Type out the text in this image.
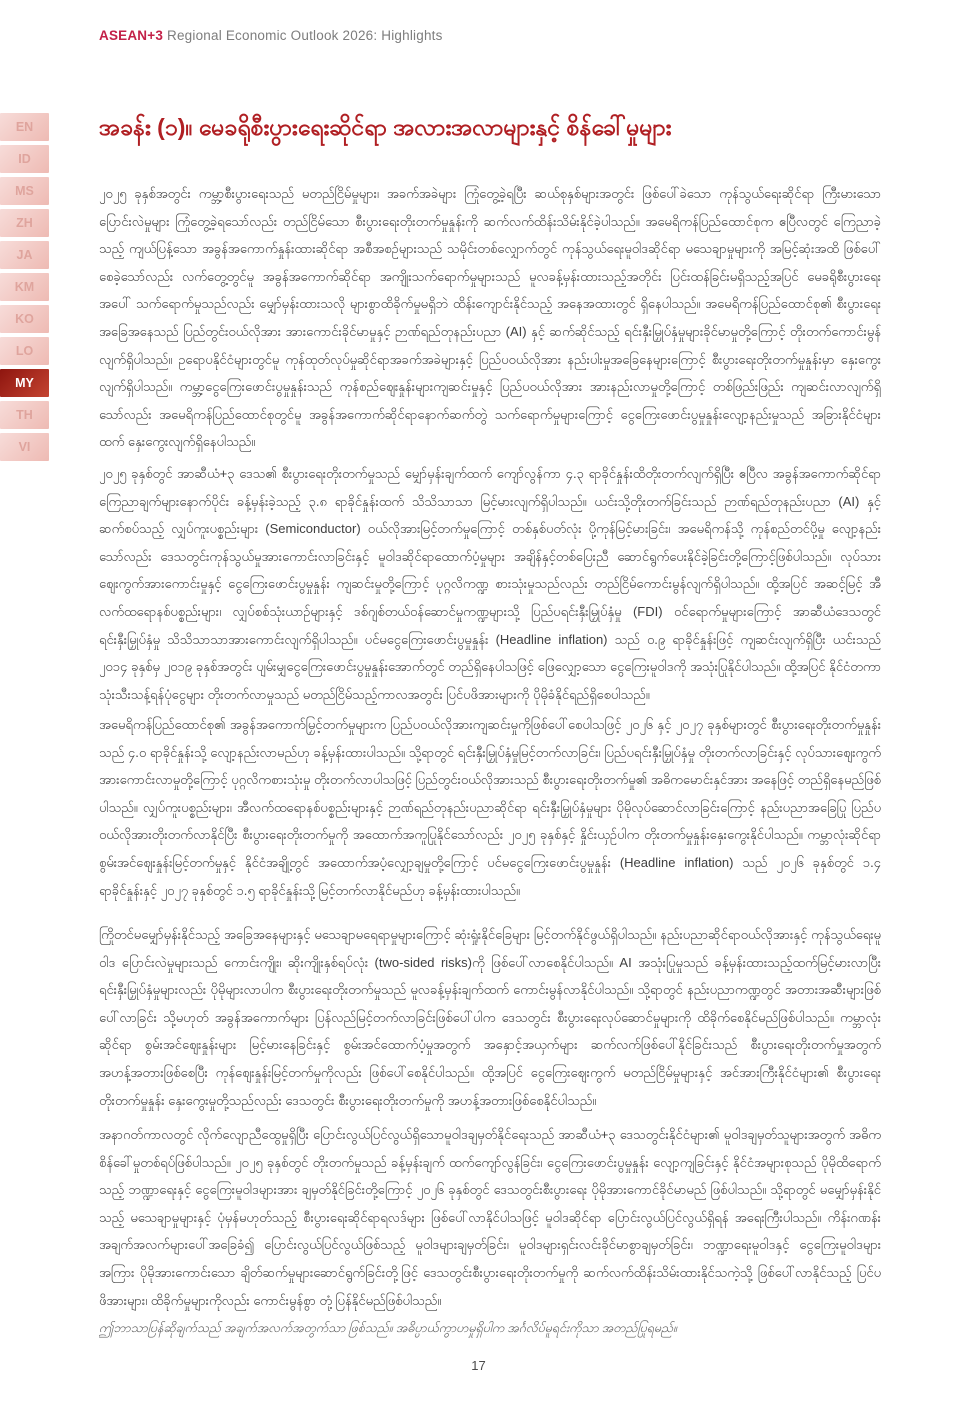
ASEAN+3 Regional Economic Outlook 2026: Highlights
EN
ID
MS
ZH
JA
KM
KO
LO
MY
TH
VI
အခန်း (၁)။ မေခရိုစီးပွားရေးဆိုင်ရာ အလားအလာများနှင့် စိန်ခေါ်မှုများ

၂၀၂၅ ခုနှစ်အတွင်း ကမ္ဘာ့စီးပွားရေးသည် မတည်ငြိမ်မှုများ၊ အခက်အခဲများ ကြုံတွေ့ခဲ့ရပြီး ဆယ်စုနှစ်များအတွင်း ဖြစ်ပေါ်ခဲသော ကုန်သွယ်ရေးဆိုင်ရာ ကြီးမားသော ပြောင်းလဲမှုများ ကြုံတွေ့ခဲ့ရသော်လည်း တည်ငြိမ်သော စီးပွားရေးတိုးတက်မှုနှုန်းကို ဆက်လက်ထိန်းသိမ်းနိုင်ခဲ့ပါသည်။ အမေရိကန်ပြည်ထောင်စုက ဧပြီလတွင် ကြေညာခဲ့သည့် ကျယ်ပြန့်သော အခွန်အကောက်နှုန်းထားဆိုင်ရာ အစီအစဉ်များသည် သမိုင်းတစ်လျှောက်တွင် ကုန်သွယ်ရေးမူဝါဒဆိုင်ရာ မသေချာမှုများကို အမြင့်ဆုံးအထိ ဖြစ်ပေါ်စေခဲ့သော်လည်း လက်တွေ့တွင်မူ အခွန်အကောက်ဆိုင်ရာ အကျိုးသက်ရောက်မှုများသည် မူလခန့်မှန်းထားသည့်အတိုင်း ပြင်းထန်ခြင်းမရှိသည့်အပြင် မေခရိုစီးပွားရေးအပေါ် သက်ရောက်မှုသည်လည်း မျှော်မှန်းထားသလို များစွာထိခိုက်မှုမရှိဘဲ ထိန်းကျောင်းနိုင်သည့် အနေအထားတွင် ရှိနေပါသည်။ အမေရိကန်ပြည်ထောင်စု၏ စီးပွားရေးအခြေအနေသည် ပြည်တွင်းဝယ်လိုအား အားကောင်းခိုင်မာမှုနှင့် ဉာဏ်ရည်တုနည်းပညာ (AI) နှင့် ဆက်ဆိုင်သည့် ရင်းနှီးမြှုပ်နှံမှုများခိုင်မာမှုတို့ကြောင့် တိုးတက်ကောင်းမွန်လျက်ရှိပါသည်။ ဥရောပနိုင်ငံများတွင်မူ ကုန်ထုတ်လုပ်မှုဆိုင်ရာအခက်အခဲများနှင့် ပြည်ပဝယ်လိုအား နည်းပါးမှုအခြေနေများကြောင့် စီးပွားရေးတိုးတက်မှုနှုန်းမှာ နှေးကွေးလျက်ရှိပါသည်။ ကမ္ဘာ့ငွေကြေးဖောင်းပွမှုနှုန်းသည် ကုန်စည်ဈေးနှုန်းများကျဆင်းမှုနှင့် ပြည်ပဝယ်လိုအား အားနည်းလာမှုတို့ကြောင့် တစ်ဖြည်းဖြည်း ကျဆင်းလာလျက်ရှိသော်လည်း အမေရိကန်ပြည်ထောင်စုတွင်မူ အခွန်အကောက်ဆိုင်ရာနောက်ဆက်တွဲ သက်ရောက်မှုများကြောင့် ငွေကြေးဖောင်းပွမှုနှုန်းလျော့နည်းမှုသည် အခြားနိုင်ငံများထက် နှေးကွေးလျက်ရှိနေပါသည်။

၂၀၂၅ ခုနှစ်တွင် အာဆီယံ+၃ ဒေသ၏ စီးပွားရေးတိုးတက်မှုသည် မျှော်မှန်းချက်ထက် ကျော်လွန်ကာ ၄.၃ ရာခိုင်နှုန်းထိတိုးတက်လျက်ရှိပြီး ဧပြီလ အခွန်အကောက်ဆိုင်ရာကြေညာချက်များနောက်ပိုင်း ခန့်မှန်းခဲ့သည့် ၃.၈ ရာခိုင်နှုန်းထက် သိသိသာသာ မြင့်မားလျက်ရှိပါသည်။ ယင်းသို့တိုးတက်ခြင်းသည် ဉာဏ်ရည်တုနည်းပညာ (AI) နှင့် ဆက်စပ်သည့် လျှပ်ကူးပစ္စည်းများ (Semiconductor) ဝယ်လိုအားမြင့်တက်မှုကြောင့် တစ်နှစ်ပတ်လုံး ပို့ကုန်မြင့်မားခြင်း၊ အမေရိကန်သို့ ကုန်စည်တင်ပို့မှု လျော့နည်းသော်လည်း ဒေသတွင်းကုန်သွယ်မှုအားကောင်းလာခြင်းနှင့် မူဝါဒဆိုင်ရာထောက်ပံ့မှုများ အချိန်နှင့်တစ်ပြေးညီ ဆောင်ရွက်ပေးနိုင်ခဲ့ခြင်းတို့ကြောင့်ဖြစ်ပါသည်။ လုပ်သားဈေးကွက်အားကောင်းမှုနှင့် ငွေကြေးဖောင်းပွမှုနှုန်း ကျဆင်းမှုတို့ကြောင့် ပုဂ္ဂလိကဏ္ဍ စားသုံးမှုသည်လည်း တည်ငြိမ်ကောင်းမွန်လျက်ရှိပါသည်။ ထို့အပြင် အဆင့်မြင့် အီလက်ထရောနစ်ပစ္စည်းများ၊ လျှပ်စစ်သုံးယာဉ်များနှင့် ဒစ်ဂျစ်တယ်ဝန်ဆောင်မှုကဏ္ဍများသို့ ပြည်ပရင်းနှီးမြှုပ်နှံမှု (FDI) ဝင်ရောက်မှုများကြောင့် အာဆီယံဒေသတွင် ရင်းနှီးမြှုပ်နှံမှု သိသိသာသာအားကောင်းလျက်ရှိပါသည်။ ပင်မငွေကြေးဖောင်းပွမှုနှုန်း (Headline inflation) သည် ၀.၉ ရာခိုင်နှုန်းဖြင့် ကျဆင်းလျက်ရှိပြီး ယင်းသည် ၂၀၁၄ ခုနှစ်မှ ၂၀၁၉ ခုနှစ်အတွင်း ပျမ်းမျှငွေကြေးဖောင်းပွမှုနှုန်းအောက်တွင် တည်ရှိနေပါသဖြင့် ဖြေလျှော့သော ငွေကြေးမူဝါဒကို အသုံးပြုနိုင်ပါသည်။ ထို့အပြင် နိုင်ငံတကာသုံးသီးသန့်ရန်ပုံငွေများ တိုးတက်လာမှုသည် မတည်ငြိမ်သည့်ကာလအတွင်း ပြင်ပဖိအားများကို ပိုမိုခံနိုင်ရည်ရှိစေပါသည်။

အမေရိကန်ပြည်ထောင်စု၏ အခွန်အကောက်မြှင့်တက်မှုများက ပြည်ပဝယ်လိုအားကျဆင်းမှုကိုဖြစ်ပေါ်စေပါသဖြင့် ၂၀၂၆ နှင့် ၂၀၂၇ ခုနှစ်များတွင် စီးပွားရေးတိုးတက်မှုနှုန်းသည် ၄.၀ ရာခိုင်နှုန်းသို့ လျော့နည်းလာမည်ဟု ခန့်မှန်းထားပါသည်။ သို့ရာတွင် ရင်းနှီးမြှုပ်နှံမှုမြင့်တက်လာခြင်း၊ ပြည်ပရင်းနှီးမြှုပ်နှံမှု တိုးတက်လာခြင်းနှင့် လုပ်သားဈေးကွက်အားကောင်းလာမှုတို့ကြောင့် ပုဂ္ဂလိကစားသုံးမှု တိုးတက်လာပါသဖြင့် ပြည်တွင်းဝယ်လိုအားသည် စီးပွားရေးတိုးတက်မှု၏ အဓိကမောင်းနှင်အား အနေဖြင့် တည်ရှိနေမည်ဖြစ်ပါသည်။ လျှပ်ကူးပစ္စည်းများ၊ အီလက်ထရောနစ်ပစ္စည်းများနှင့် ဉာဏ်ရည်တုနည်းပညာဆိုင်ရာ ရင်းနှီးမြှုပ်နှံမှုများ ပိုမိုလုပ်ဆောင်လာခြင်းကြောင့် နည်းပညာအခြေပြု ပြည်ပဝယ်လိုအားတိုးတက်လာနိုင်ပြီး စီးပွားရေးတိုးတက်မှုကို အထောက်အကူပြုနိုင်သော်လည်း ၂၀၂၅ ခုနှစ်နှင့် နှိုင်းယှဉ်ပါက တိုးတက်မှုနှုန်းနှေးကွေးနိုင်ပါသည်။ ကမ္ဘာလုံးဆိုင်ရာ စွမ်းအင်ဈေးနှုန်းမြင့်တက်မှုနှင့် နိုင်ငံအချို့တွင် အထောက်အပံ့လျှော့ချမှုတို့ကြောင့် ပင်မငွေကြေးဖောင်းပွမှုနှုန်း (Headline inflation) သည် ၂၀၂၆ ခုနှစ်တွင် ၁.၄ ရာခိုင်နှုန်းနှင့် ၂၀၂၇ ခုနှစ်တွင် ၁.၅ ရာခိုင်နှုန်းသို့ မြင့်တက်လာနိုင်မည်ဟု ခန့်မှန်းထားပါသည်။

ကြိုတင်မမျှော်မှန်းနိုင်သည့် အခြေအနေများနှင့် မသေချာမရေရာမှုများကြောင့် ဆုံးရှုံးနိုင်ခြေများ မြင့်တက်နိုင်ဖွယ်ရှိပါသည်။ နည်းပညာဆိုင်ရာဝယ်လိုအားနှင့် ကုန်သွယ်ရေးမူဝါဒ ပြောင်းလဲမှုများသည် ကောင်းကျိုး၊ ဆိုးကျိုးနှစ်ရပ်လုံး (two-sided risks)ကို ဖြစ်ပေါ်လာစေနိုင်ပါသည်။ AI အသုံးပြုမှုသည် ခန့်မှန်းထားသည့်ထက်မြင့်မားလာပြီး ရင်းနှီးမြှုပ်နှံမှုများလည်း ပိုမိုများလာပါက စီးပွားရေးတိုးတက်မှုသည် မူလခန့်မှန်းချက်ထက် ကောင်းမွန်လာနိုင်ပါသည်။ သို့ရာတွင် နည်းပညာကဏ္ဍတွင် အတားအဆီးများဖြစ်ပေါ်လာခြင်း သို့မဟုတ် အခွန်အကောက်များ ပြန်လည်မြင့်တက်လာခြင်းဖြစ်ပေါ်ပါက ဒေသတွင်း စီးပွားရေးလုပ်ဆောင်မှုများကို ထိခိုက်စေနိုင်မည်ဖြစ်ပါသည်။ ကမ္ဘာလုံးဆိုင်ရာ စွမ်းအင်ဈေးနှုန်းများ မြင့်မားနေခြင်းနှင့် စွမ်းအင်ထောက်ပံ့မှုအတွက် အနှောင့်အယှက်များ ဆက်လက်ဖြစ်ပေါ်နိုင်ခြင်းသည် စီးပွားရေးတိုးတက်မှုအတွက် အဟန့်အတားဖြစ်စေပြီး ကုန်ဈေးနှုန်းမြင့်တက်မှုကိုလည်း ဖြစ်ပေါ်စေနိုင်ပါသည်။ ထို့အပြင် ငွေကြေးဈေးကွက် မတည်ငြိမ်မှုများနှင့် အင်အားကြီးနိုင်ငံများ၏ စီးပွားရေးတိုးတက်မှုနှုန်း နှေးကွေးမှုတို့သည်လည်း ဒေသတွင်း စီးပွားရေးတိုးတက်မှုကို အဟန့်အတားဖြစ်စေနိုင်ပါသည်။

အနာဂတ်ကာလတွင် လိုက်လျောညီထွေမှုရှိပြီး ပြောင်းလွယ်ပြင်လွယ်ရှိသောမူဝါဒချမှတ်နိုင်ရေးသည် အာဆီယံ+၃ ဒေသတွင်းနိုင်ငံများ၏ မူဝါဒချမှတ်သူများအတွက် အဓိကစိန်ခေါ်မှုတစ်ရပ်ဖြစ်ပါသည်။ ၂၀၂၅ ခုနှစ်တွင် တိုးတက်မှုသည် ခန့်မှန်းချက် ထက်ကျော်လွန်ခြင်း၊ ငွေကြေးဖောင်းပွမှုနှုန်း လျော့ကျခြင်းနှင့် နိုင်ငံအများစုသည် ပိုမိုထိရောက်သည့် ဘဏ္ဍာရေးနှင့် ငွေကြေးမူဝါဒများအား ချမှတ်နိုင်ခြင်းတို့ကြောင့် ၂၀၂၆ ခုနှစ်တွင် ဒေသတွင်းစီးပွားရေး ပိုမိုအားကောင်ခိုင်မာမည် ဖြစ်ပါသည်။ သို့ရာတွင် မမျှော်မှန်းနိုင်သည့် မသေချာမှုများနှင့် ပုံမှန်မဟုတ်သည့် စီးပွားရေးဆိုင်ရာရလဒ်များ ဖြစ်ပေါ်လာနိုင်ပါသဖြင့် မူဝါဒဆိုင်ရာ ပြောင်းလွယ်ပြင်လွယ်ရှိရန် အရေးကြီးပါသည်။ ကိန်းဂဏန်းအချက်အလက်များပေါ်အခြေခံ၍ ပြောင်းလွယ်ပြင်လွယ်ဖြစ်သည့် မူဝါဒများချမှတ်ခြင်း၊ မူဝါဒများရှင်းလင်းခိုင်မာစွာချမှတ်ခြင်း၊ ဘဏ္ဍာရေးမူဝါဒနှင့် ငွေကြေးမူဝါဒများအကြား ပိုမိုအားကောင်းသော ချိတ်ဆက်မှုများဆောင်ရွက်ခြင်းတို့ဖြင့် ဒေသတွင်းစီးပွားရေးတိုးတက်မှုကို ဆက်လက်ထိန်းသိမ်းထားနိုင်သကဲ့သို့ ဖြစ်ပေါ်လာနိုင်သည့် ပြင်ပဖိအားများ၊ ထိခိုက်မှုများကိုလည်း ကောင်းမွန်စွာ တုံ့ပြန်နိုင်မည်ဖြစ်ပါသည်။

ဤဘာသာပြန်ဆိုချက်သည် အချက်အလက်အတွက်သာ ဖြစ်သည်။ အဓိပ္ပာယ်ကွာဟမှုရှိပါက အင်္ဂလိပ်မူရင်းကိုသာ အတည်ပြုရမည်။

17
